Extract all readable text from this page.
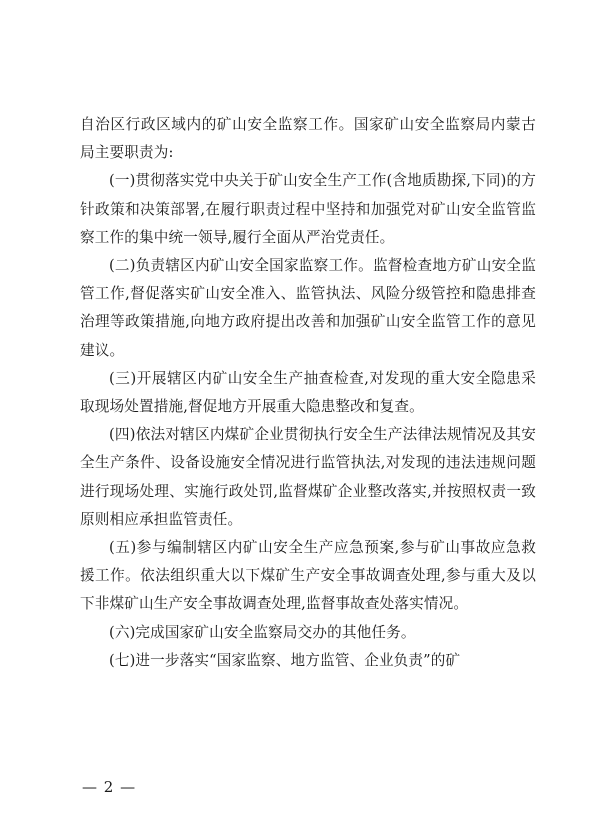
自治区行政区域内的矿山安全监察工作。国家矿山安全监察局内蒙古局主要职责为:

(一)贯彻落实党中央关于矿山安全生产工作(含地质勘探,下同)的方针政策和决策部署,在履行职责过程中坚持和加强党对矿山安全监管监察工作的集中统一领导,履行全面从严治党责任。

(二)负责辖区内矿山安全国家监察工作。监督检查地方矿山安全监管工作,督促落实矿山安全准入、监管执法、风险分级管控和隐患排查治理等政策措施,向地方政府提出改善和加强矿山安全监管工作的意见建议。

(三)开展辖区内矿山安全生产抽查检查,对发现的重大安全隐患采取现场处置措施,督促地方开展重大隐患整改和复查。

(四)依法对辖区内煤矿企业贯彻执行安全生产法律法规情况及其安全生产条件、设备设施安全情况进行监管执法,对发现的违法违规问题进行现场处理、实施行政处罚,监督煤矿企业整改落实,并按照权责一致原则相应承担监管责任。

(五)参与编制辖区内矿山安全生产应急预案,参与矿山事故应急救援工作。依法组织重大以下煤矿生产安全事故调查处理,参与重大及以下非煤矿山生产安全事故调查处理,监督事故查处落实情况。

(六)完成国家矿山安全监察局交办的其他任务。

(七)进一步落实“国家监察、地方监管、企业负责”的矿

— 2 —
